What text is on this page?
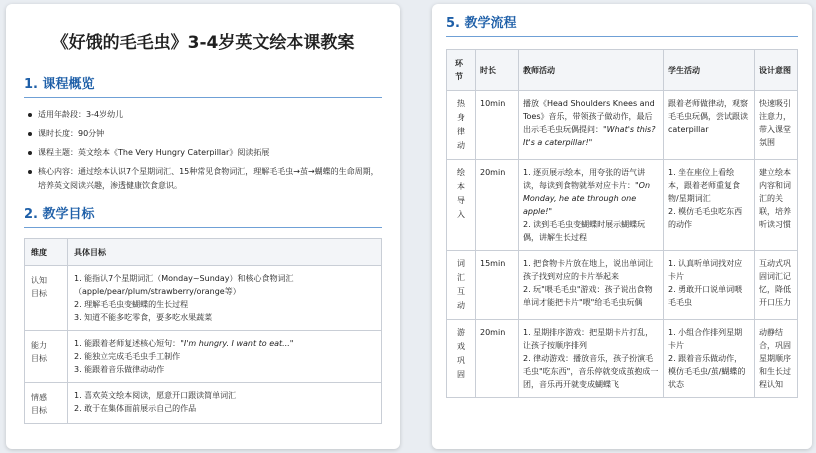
《好饿的毛毛虫》3-4岁英文绘本课教案
1. 课程概览
适用年龄段：3-4岁幼儿
课时长度：90分钟
课程主题：英文绘本《The Very Hungry Caterpillar》阅读拓展
核心内容：通过绘本认识7个星期词汇、15种常见食物词汇，理解毛毛虫→茧→蝴蝶的生命周期，培养英文阅读兴趣，渗透健康饮食意识。
2. 教学目标
维度	具体目标

认知目标	1. 能指认7个星期词汇（Monday~Sunday）和核心食物词汇（apple/pear/plum/strawberry/orange等）
2. 理解毛毛虫变蝴蝶的生长过程
3. 知道不能多吃零食，要多吃水果蔬菜

能力目标	1. 能跟着老师复述核心短句："I'm hungry. I want to eat..."
2. 能独立完成毛毛虫手工制作
3. 能跟着音乐做律动动作

情感目标	1. 喜欢英文绘本阅读，愿意开口跟读简单词汇
2. 敢于在集体面前展示自己的作品
5. 教学流程
环节	时长	教师活动	学生活动	设计意图

热身律动	10min	播放《Head Shoulders Knees and Toes》音乐，带领孩子做动作，最后出示毛毛虫玩偶提问："What's this? It's a caterpillar!"	跟着老师做律动，观察毛毛虫玩偶，尝试跟读caterpillar	快速吸引注意力，带入课堂氛围

绘本导入	20min	1. 逐页展示绘本，用夸张的语气讲读，每读到食物就举对应卡片："On Monday, he ate through one apple!"
2. 读到毛毛虫变蝴蝶时展示蝴蝶玩偶，讲解生长过程	1. 坐在座位上看绘本，跟着老师重复食物/星期词汇
2. 模仿毛毛虫吃东西的动作	建立绘本内容和词汇的关联，培养听读习惯

词汇互动	15min	1. 把食物卡片放在地上，说出单词让孩子找到对应的卡片举起来
2. 玩"喂毛毛虫"游戏：孩子说出食物单词才能把卡片"喂"给毛毛虫玩偶	1. 认真听单词找对应卡片
2. 勇敢开口说单词喂毛毛虫	互动式巩固词汇记忆，降低开口压力

游戏巩固	20min	1. 星期排序游戏：把星期卡片打乱，让孩子按顺序排列
2. 律动游戏：播放音乐，孩子扮演毛毛虫"吃东西"，音乐停就变成茧抱成一团，音乐再开就变成蝴蝶飞	1. 小组合作排列星期卡片
2. 跟着音乐做动作，模仿毛毛虫/茧/蝴蝶的状态	动静结合，巩固星期顺序和生长过程认知
